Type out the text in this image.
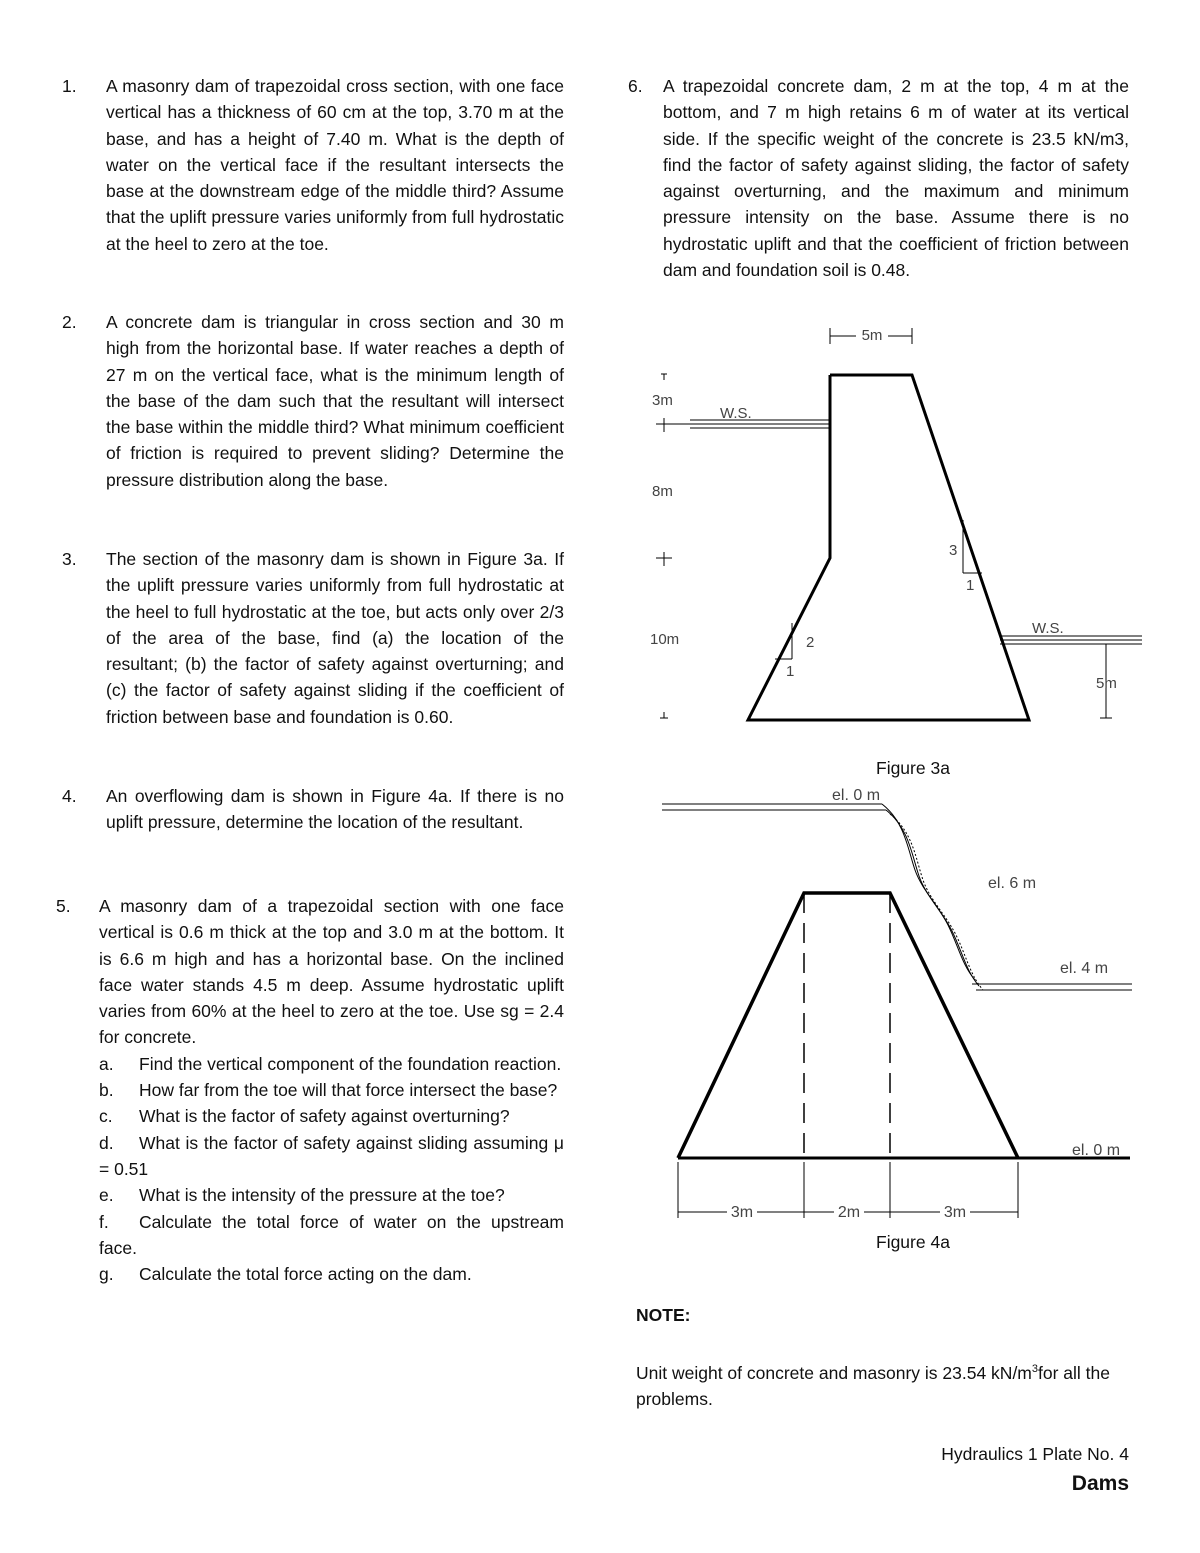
1. A masonry dam of trapezoidal cross section, with one face vertical has a thickness of 60 cm at the top, 3.70 m at the base, and has a height of 7.40 m. What is the depth of water on the vertical face if the resultant intersects the base at the downstream edge of the middle third? Assume that the uplift pressure varies uniformly from full hydrostatic at the heel to zero at the toe.
2. A concrete dam is triangular in cross section and 30 m high from the horizontal base. If water reaches a depth of 27 m on the vertical face, what is the minimum length of the base of the dam such that the resultant will intersect the base within the middle third? What minimum coefficient of friction is required to prevent sliding? Determine the pressure distribution along the base.
3. The section of the masonry dam is shown in Figure 3a. If the uplift pressure varies uniformly from full hydrostatic at the heel to full hydrostatic at the toe, but acts only over 2/3 of the area of the base, find (a) the location of the resultant; (b) the factor of safety against overturning; and (c) the factor of safety against sliding if the coefficient of friction between base and foundation is 0.60.
4. An overflowing dam is shown in Figure 4a. If there is no uplift pressure, determine the location of the resultant.
5. A masonry dam of a trapezoidal section with one face vertical is 0.6 m thick at the top and 3.0 m at the bottom. It is 6.6 m high and has a horizontal base. On the inclined face water stands 4.5 m deep. Assume hydrostatic uplift varies from 60% at the heel to zero at the toe. Use sg = 2.4 for concrete.
a. Find the vertical component of the foundation reaction.
b. How far from the toe will that force intersect the base?
c. What is the factor of safety against overturning?
d. What is the factor of safety against sliding assuming μ = 0.51
e. What is the intensity of the pressure at the toe?
f. Calculate the total force of water on the upstream face.
g. Calculate the total force acting on the dam.
6. A trapezoidal concrete dam, 2 m at the top, 4 m at the bottom, and 7 m high retains 6 m of water at its vertical side. If the specific weight of the concrete is 23.5 kN/m3, find the factor of safety against sliding, the factor of safety against overturning, and the maximum and minimum pressure intensity on the base. Assume there is no hydrostatic uplift and that the coefficient of friction between dam and foundation soil is 0.48.
5m
3m
W.S.
8m
10m	2
1
3
1
W.S.
5m
el. 0 m
el. 6 m
el. 4 m
el. 0 m
3m	2m	3m
Figure 3a
Figure 4a
NOTE:
Unit weight of concrete and masonry is 23.54 $kN/m^3for$ all the problems.
Hydraulics 1 Plate No. 4
Dams
